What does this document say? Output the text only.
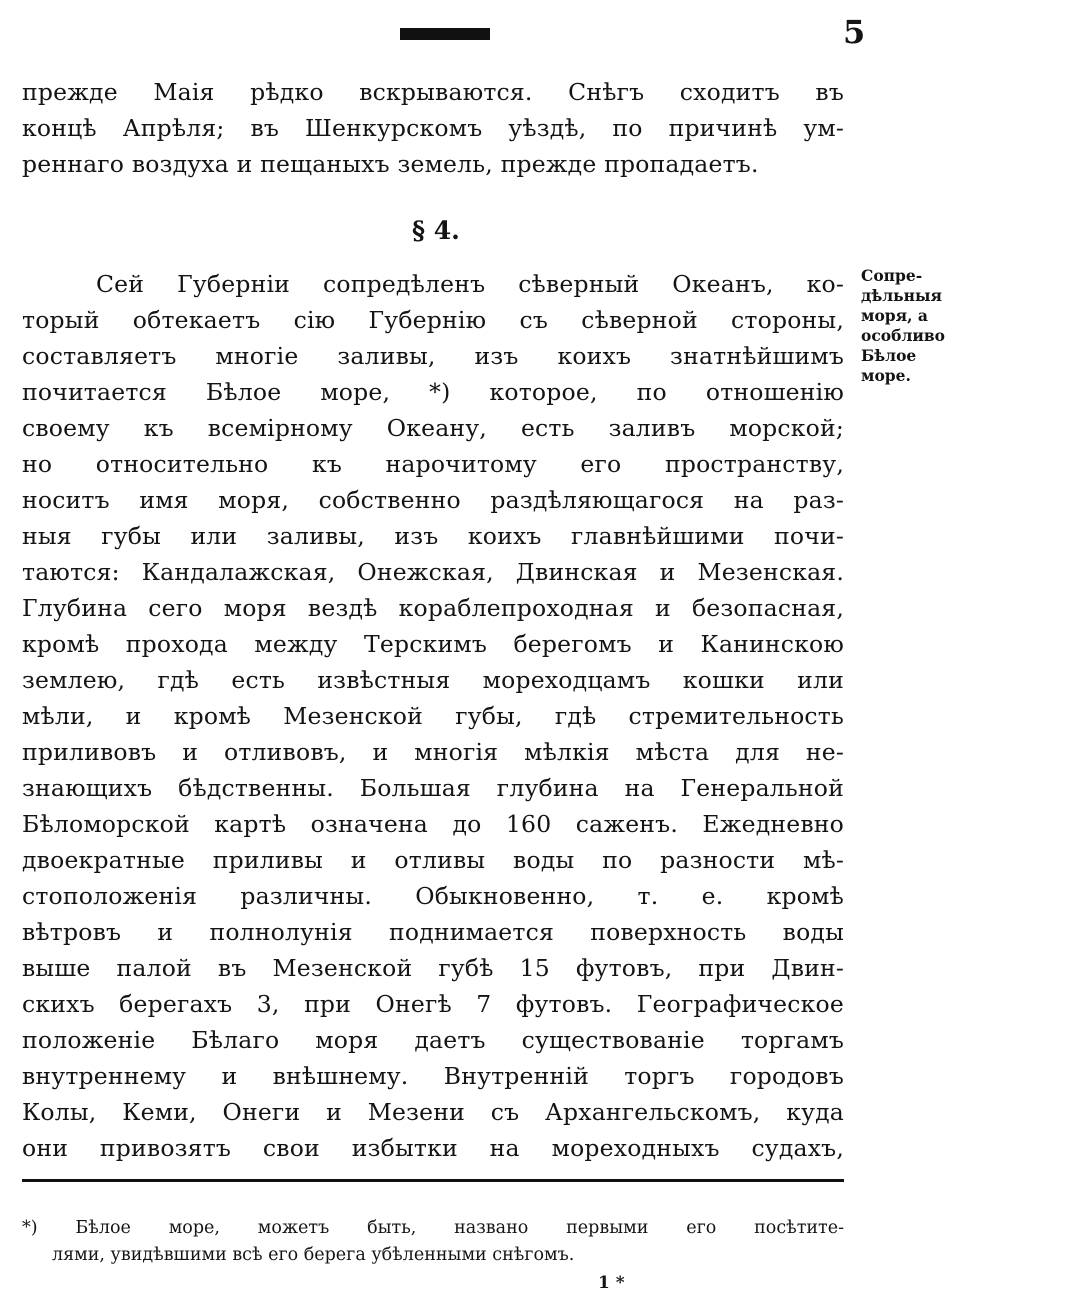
5
прежде Маія рѣдко вскрываются. Снѣгъ сходитъ въ
концѣ Апрѣля; въ Шенкурскомъ уѣздѣ, по причинѣ ум-
реннаго воздуха и пещаныхъ земель, прежде пропадаетъ.
§ 4.
Сопре-
дѣльныя
моря, а
особливо
Бѣлое
море.
Сей Губерніи сопредѣленъ сѣверный Океанъ, ко-
торый обтекаетъ сію Губернію съ сѣверной стороны,
составляетъ многіе заливы, изъ коихъ знатнѣйшимъ
почитается Бѣлое море, *) которое, по отношенію
своему къ всемірному Океану, есть заливъ морской;
но относительно къ нарочитому его пространству,
носитъ имя моря, собственно раздѣляющагося на раз-
ныя губы или заливы, изъ коихъ главнѣйшими почи-
таются: Кандалажская, Онежская, Двинская и Мезенская.
Глубина сего моря вездѣ кораблепроходная и безопасная,
кромѣ прохода между Терскимъ берегомъ и Канинскою
землею, гдѣ есть извѣстныя мореходцамъ кошки или
мѣли, и кромѣ Мезенской губы, гдѣ стремительность
приливовъ и отливовъ, и многія мѣлкія мѣста для не-
знающихъ бѣдственны. Большая глубина на Генеральной
Бѣломорской картѣ означена до 160 саженъ. Ежедневно
двоекратные приливы и отливы воды по разности мѣ-
стоположенія различны. Обыкновенно, т. е. кромѣ
вѣтровъ и полнолунія поднимается поверхность воды
выше палой въ Мезенской губѣ 15 футовъ, при Двин-
скихъ берегахъ 3, при Онегѣ 7 футовъ. Географическое
положеніе Бѣлаго моря даетъ существованіе торгамъ
внутреннему и внѣшнему. Внутренній торгъ городовъ
Колы, Кеми, Онеги и Мезени съ Архангельскомъ, куда
они привозятъ свои избытки на мореходныхъ судахъ,
*) Бѣлое море, можетъ быть, названо первыми его посѣтите-
лями, увидѣвшими всѣ его берега убѣленными снѣгомъ.
1 *
